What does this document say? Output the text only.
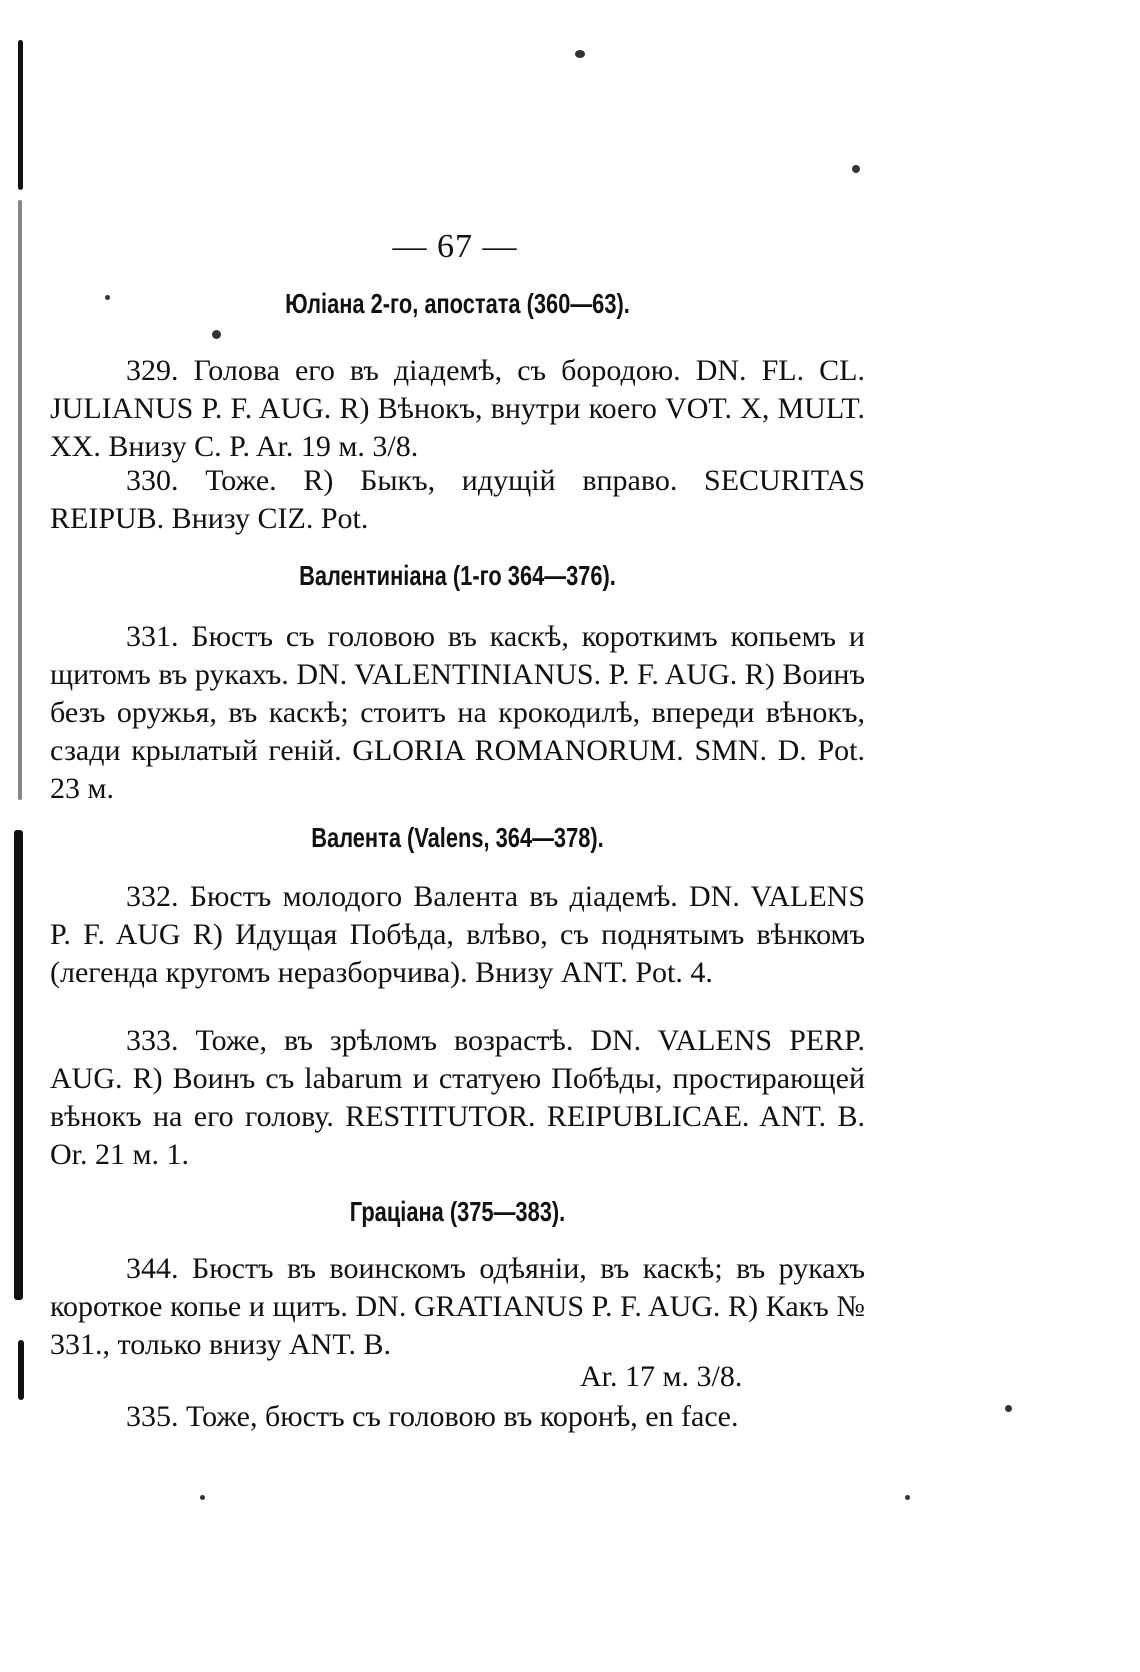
— 67 —
Юліана 2-го, апостата (360—63).

329. Голова его въ діадемѣ, съ бородою. DN. FL. CL. JULIANUS P. F. AUG. R) Вѣнокъ, внутри коего VOT. X, MULT. XX. Внизу C. P. Ar. 19 м. 3/8.

330. Тоже. R) Быкъ, идущій вправо. SECURITAS REIPUB. Внизу CIZ. Pot.

Валентиніана (1-го 364—376).

331. Бюстъ съ головою въ каскѣ, короткимъ копьемъ и щитомъ въ рукахъ. DN. VALENTINIANUS. P. F. AUG. R) Воинъ безъ оружья, въ каскѣ; стоитъ на крокодилѣ, впереди вѣнокъ, сзади крылатый геній. GLORIA ROMANORUM. SMN. D. Pot. 23 м.

Валента (Valens, 364—378).

332. Бюстъ молодого Валента въ діадемѣ. DN. VALENS P. F. AUG R) Идущая Побѣда, влѣво, съ поднятымъ вѣнкомъ (легенда кругомъ неразборчива). Внизу ANT. Pot. 4.

333. Тоже, въ зрѣломъ возрастѣ. DN. VALENS PERP. AUG. R) Воинъ съ labarum и статуею Побѣды, простирающей вѣнокъ на его голову. RESTITUTOR. REIPUBLICAE. ANT. B. Or. 21 м. 1.

Граціана (375—383).

344. Бюстъ въ воинскомъ одѣяніи, въ каскѣ; въ рукахъ короткое копье и щитъ. DN. GRATIANUS P. F. AUG. R) Какъ № 331., только внизу ANT. B.

Ar. 17 м. 3/8.

335. Тоже, бюстъ съ головою въ коронѣ, en face.
